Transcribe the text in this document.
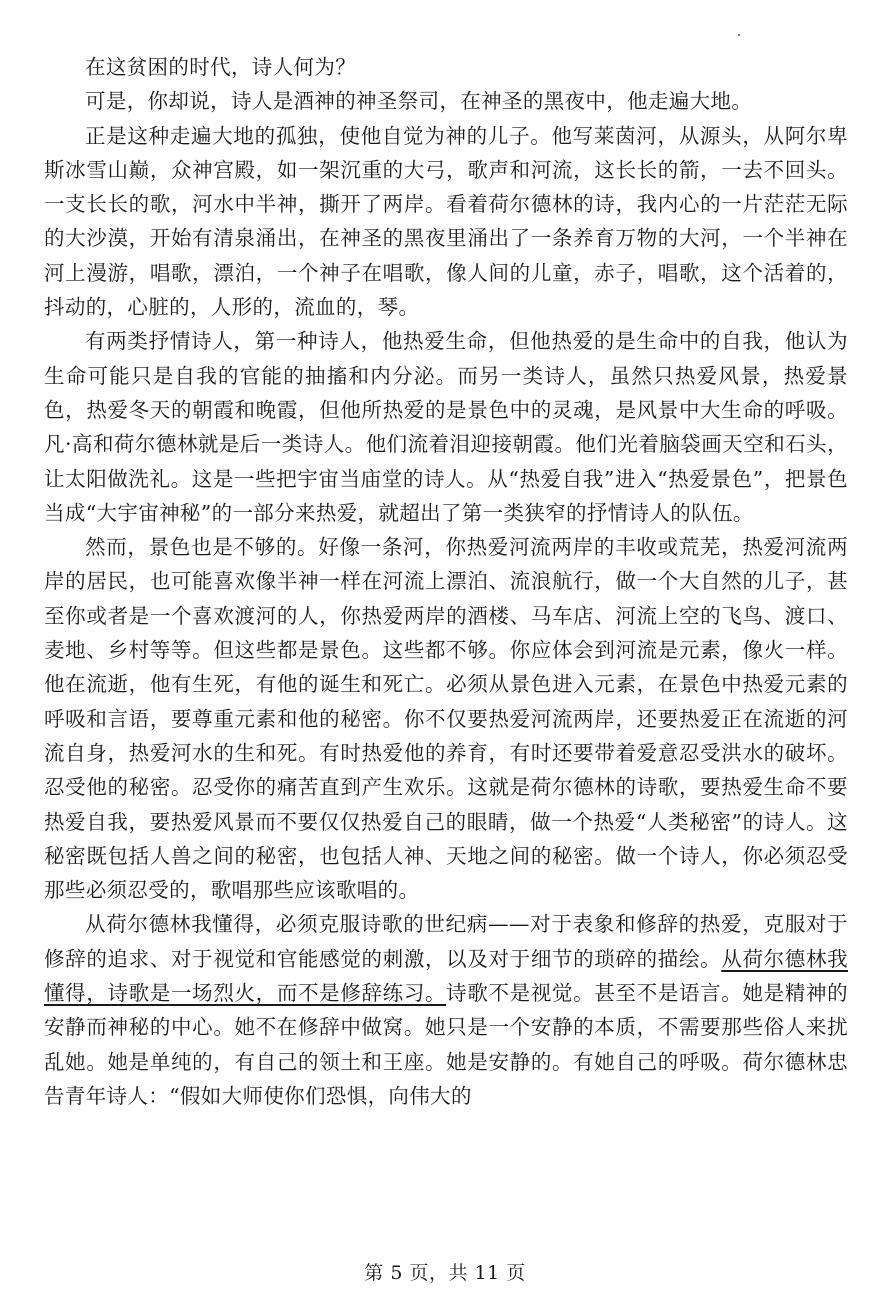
在这贫困的时代，诗人何为？

可是，你却说，诗人是酒神的神圣祭司，在神圣的黑夜中，他走遍大地。

正是这种走遍大地的孤独，使他自觉为神的儿子。他写莱茵河，从源头，从阿尔卑斯冰雪山巅，众神宫殿，如一架沉重的大弓，歌声和河流，这长长的箭，一去不回头。一支长长的歌，河水中半神，撕开了两岸。看着荷尔德林的诗，我内心的一片茫茫无际的大沙漠，开始有清泉涌出，在神圣的黑夜里涌出了一条养育万物的大河，一个半神在河上漫游，唱歌，漂泊，一个神子在唱歌，像人间的儿童，赤子，唱歌，这个活着的，抖动的，心脏的，人形的，流血的，琴。

有两类抒情诗人，第一种诗人，他热爱生命，但他热爱的是生命中的自我，他认为生命可能只是自我的官能的抽搐和内分泌。而另一类诗人，虽然只热爱风景，热爱景色，热爱冬天的朝霞和晚霞，但他所热爱的是景色中的灵魂，是风景中大生命的呼吸。凡·高和荷尔德林就是后一类诗人。他们流着泪迎接朝霞。他们光着脑袋画天空和石头，让太阳做洗礼。这是一些把宇宙当庙堂的诗人。从“热爱自我”进入“热爱景色”，把景色当成“大宇宙神秘”的一部分来热爱，就超出了第一类狭窄的抒情诗人的队伍。

然而，景色也是不够的。好像一条河，你热爱河流两岸的丰收或荒芜，热爱河流两岸的居民，也可能喜欢像半神一样在河流上漂泊、流浪航行，做一个大自然的儿子，甚至你或者是一个喜欢渡河的人，你热爱两岸的酒楼、马车店、河流上空的飞鸟、渡口、麦地、乡村等等。但这些都是景色。这些都不够。你应体会到河流是元素，像火一样。他在流逝，他有生死，有他的诞生和死亡。必须从景色进入元素，在景色中热爱元素的呼吸和言语，要尊重元素和他的秘密。你不仅要热爱河流两岸，还要热爱正在流逝的河流自身，热爱河水的生和死。有时热爱他的养育，有时还要带着爱意忍受洪水的破坏。忍受他的秘密。忍受你的痛苦直到产生欢乐。这就是荷尔德林的诗歌，要热爱生命不要热爱自我，要热爱风景而不要仅仅热爱自己的眼睛，做一个热爱“人类秘密”的诗人。这秘密既包括人兽之间的秘密，也包括人神、天地之间的秘密。做一个诗人，你必须忍受那些必须忍受的，歌唱那些应该歌唱的。

从荷尔德林我懂得，必须克服诗歌的世纪病——对于表象和修辞的热爱，克服对于修辞的追求、对于视觉和官能感觉的刺激，以及对于细节的琐碎的描绘。从荷尔德林我懂得，诗歌是一场烈火，而不是修辞练习。诗歌不是视觉。甚至不是语言。她是精神的安静而神秘的中心。她不在修辞中做窝。她只是一个安静的本质，不需要那些俗人来扰乱她。她是单纯的，有自己的领土和王座。她是安静的。有她自己的呼吸。荷尔德林忠告青年诗人：“假如大师使你们恐惧，向伟大的

第 5 页，共 11 页
